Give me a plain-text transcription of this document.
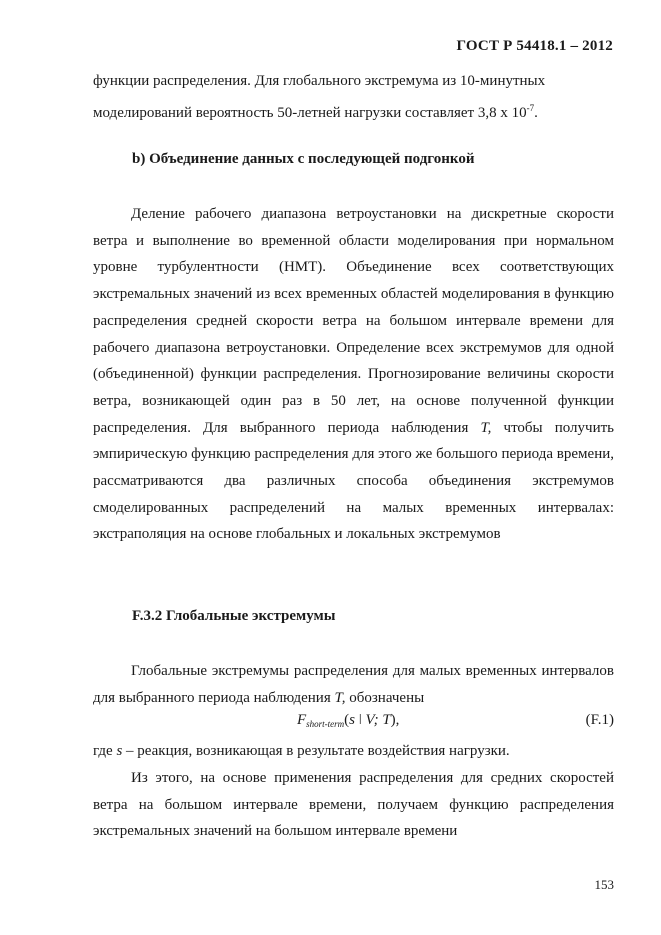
ГОСТ Р 54418.1 – 2012

функции распределения. Для глобального экстремума из 10-минутных
моделирований вероятность 50-летней нагрузки составляет 3,8 х $10^{-7}$.

b) Объединение данных с последующей подгонкой

Деление рабочего диапазона ветроустановки на дискретные скорости ветра и выполнение во временной области моделирования при нормальном уровне турбулентности (НМТ). Объединение всех соответствующих экстремальных значений из всех временных областей моделирования в функцию распределения средней скорости ветра на большом интервале времени для рабочего диапазона ветроустановки. Определение всех экстремумов для одной (объединенной) функции распределения. Прогнозирование величины скорости ветра, возникающей один раз в 50 лет, на основе полученной функции распределения. Для выбранного периода наблюдения T, чтобы получить эмпирическую функцию распределения для этого же большого периода времени, рассматриваются два различных способа объединения экстремумов смоделированных распределений на малых временных интервалах: экстраполяция на основе глобальных и локальных экстремумов

F.3.2 Глобальные экстремумы

Глобальные экстремумы распределения для малых временных интервалов для выбранного периода наблюдения T, обозначены

$F_{short-term}(s$ ǀ V; T),	(F.1)

где s – реакция, возникающая в результате воздействия нагрузки.

Из этого, на основе применения распределения для средних скоростей ветра на большом интервале времени, получаем функцию распределения экстремальных значений на большом интервале времени

153
